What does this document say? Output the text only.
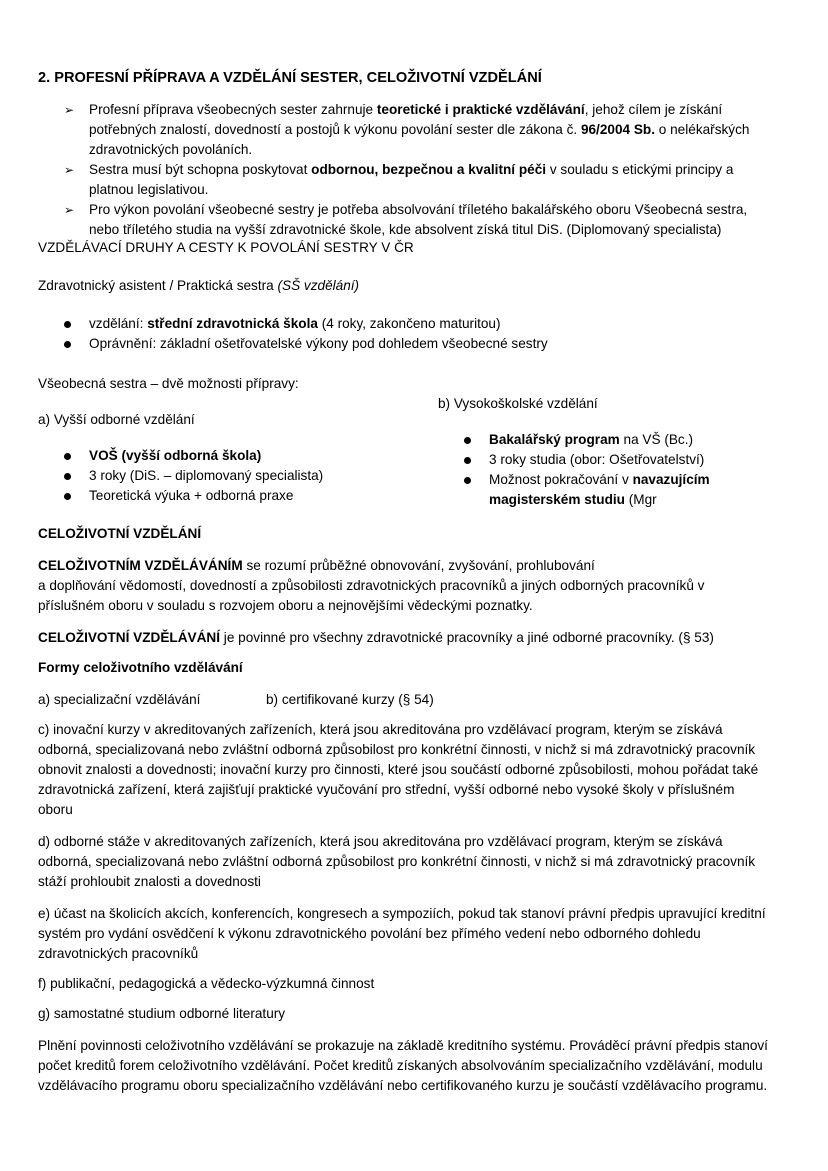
2. PROFESNÍ PŘÍPRAVA A VZDĚLÁNÍ SESTER, CELOŽIVOTNÍ VZDĚLÁNÍ
➢	Profesní příprava všeobecných sester zahrnuje teoretické i praktické vzdělávání, jehož cílem je získání
potřebných znalostí, dovedností a postojů k výkonu povolání sester dle zákona č. 96/2004 Sb. o nelékařských
zdravotnických povoláních.
➢	Sestra musí být schopna poskytovat odbornou, bezpečnou a kvalitní péči v souladu s etickými principy a
platnou legislativou.
➢	Pro výkon povolání všeobecné sestry je potřeba absolvování tříletého bakalářského oboru Všeobecná sestra,
nebo tříletého studia na vyšší zdravotnické škole, kde absolvent získá titul DiS. (Diplomovaný specialista)
VZDĚLÁVACÍ DRUHY A CESTY K POVOLÁNÍ SESTRY V ČR
Zdravotnický asistent / Praktická sestra (SŠ vzdělání)
vzdělání: střední zdravotnická škola (4 roky, zakončeno maturitou)
Oprávnění: základní ošetřovatelské výkony pod dohledem všeobecné sestry
Všeobecná sestra – dvě možnosti přípravy:
a) Vyšší odborné vzdělání
VOŠ (vyšší odborná škola)
3 roky (DiS. – diplomovaný specialista)
Teoretická výuka + odborná praxe
b) Vysokoškolské vzdělání
Bakalářský program na VŠ (Bc.)
3 roky studia (obor: Ošetřovatelství)
Možnost pokračování v navazujícím
magisterském studiu (Mgr
CELOŽIVOTNÍ VZDĚLÁNÍ
CELOŽIVOTNÍM VZDĚLÁVÁNÍM se rozumí průběžné obnovování, zvyšování, prohlubování
a doplňování vědomostí, dovedností a způsobilosti zdravotnických pracovníků a jiných odborných pracovníků v
příslušném oboru v souladu s rozvojem oboru a nejnovějšími vědeckými poznatky.
CELOŽIVOTNÍ VZDĚLÁVÁNÍ je povinné pro všechny zdravotnické pracovníky a jiné odborné pracovníky. (§ 53)
Formy celoživotního vzdělávání
a) specializační vzdělávání	b) certifikované kurzy (§ 54)
c) inovační kurzy v akreditovaných zařízeních, která jsou akreditována pro vzdělávací program, kterým se získává
odborná, specializovaná nebo zvláštní odborná způsobilost pro konkrétní činnosti, v nichž si má zdravotnický pracovník
obnovit znalosti a dovednosti; inovační kurzy pro činnosti, které jsou součástí odborné způsobilosti, mohou pořádat také
zdravotnická zařízení, která zajišťují praktické vyučování pro střední, vyšší odborné nebo vysoké školy v příslušném
oboru
d) odborné stáže v akreditovaných zařízeních, která jsou akreditována pro vzdělávací program, kterým se získává
odborná, specializovaná nebo zvláštní odborná způsobilost pro konkrétní činnosti, v nichž si má zdravotnický pracovník
stáží prohloubit znalosti a dovednosti
e) účast na školicích akcích, konferencích, kongresech a sympoziích, pokud tak stanoví právní předpis upravující kreditní
systém pro vydání osvědčení k výkonu zdravotnického povolání bez přímého vedení nebo odborného dohledu
zdravotnických pracovníků
f) publikační, pedagogická a vědecko-výzkumná činnost
g) samostatné studium odborné literatury
Plnění povinnosti celoživotního vzdělávání se prokazuje na základě kreditního systému. Prováděcí právní předpis stanoví
počet kreditů forem celoživotního vzdělávání. Počet kreditů získaných absolvováním specializačního vzdělávání, modulu
vzdělávacího programu oboru specializačního vzdělávání nebo certifikovaného kurzu je součástí vzdělávacího programu.
